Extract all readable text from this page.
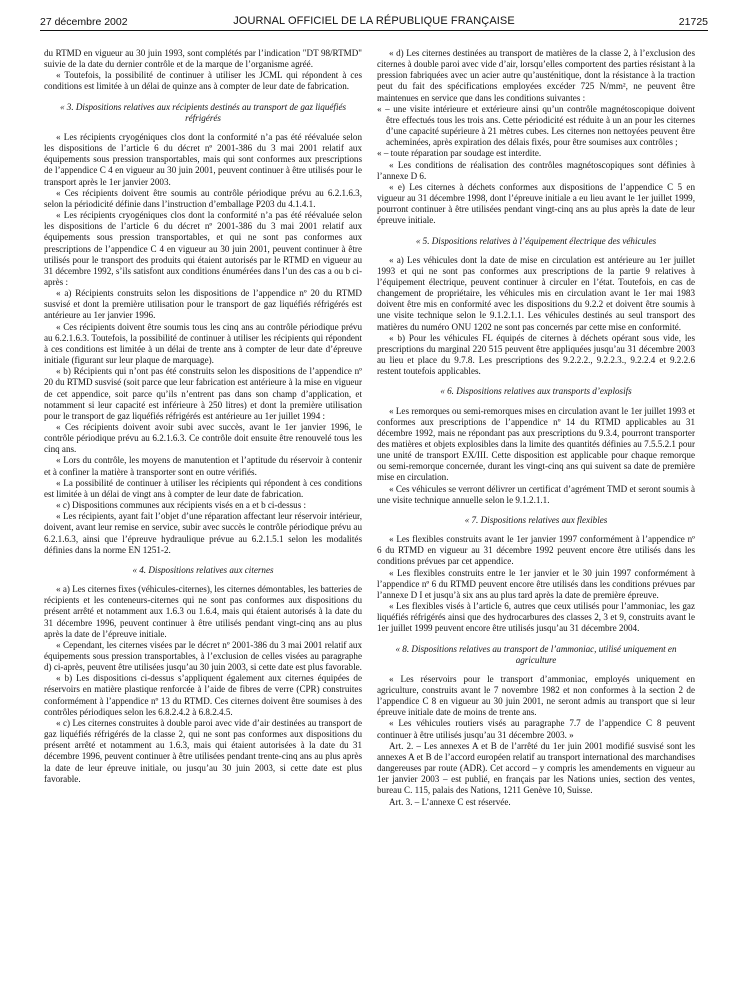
27 décembre 2002	JOURNAL OFFICIEL DE LA RÉPUBLIQUE FRANÇAISE	21725

du RTMD en vigueur au 30 juin 1993, sont complétés par l’indication "DT 98/RTMD" suivie de la date du dernier contrôle et de la marque de l’organisme agréé.

« Toutefois, la possibilité de continuer à utiliser les JCML qui répondent à ces conditions est limitée à un délai de quinze ans à compter de leur date de fabrication.

« 3. Dispositions relatives aux récipients destinés au transport de gaz liquéfiés réfrigérés

« Les récipients cryogéniques clos dont la conformité n’a pas été réévaluée selon les dispositions de l’article 6 du décret nº 2001-386 du 3 mai 2001 relatif aux équipements sous pression transportables, mais qui sont conformes aux prescriptions de l’appendice C 4 en vigueur au 30 juin 2001, peuvent continuer à être utilisés pour le transport après le 1er janvier 2003.

« Ces récipients doivent être soumis au contrôle périodique prévu au 6.2.1.6.3, selon la périodicité définie dans l’instruction d’emballage P203 du 4.1.4.1.

« Les récipients cryogéniques clos dont la conformité n’a pas été réévaluée selon les dispositions de l’article 6 du décret nº 2001-386 du 3 mai 2001 relatif aux équipements sous pression transportables, et qui ne sont pas conformes aux prescriptions de l’appendice C 4 en vigueur au 30 juin 2001, peuvent continuer à être utilisés pour le transport des produits qui étaient autorisés par le RTMD en vigueur au 31 décembre 1992, s’ils satisfont aux conditions énumérées dans l’un des cas a ou b ci-après :

« a) Récipients construits selon les dispositions de l’appendice nº 20 du RTMD susvisé et dont la première utilisation pour le transport de gaz liquéfiés réfrigérés est antérieure au 1er janvier 1996.

« Ces récipients doivent être soumis tous les cinq ans au contrôle périodique prévu au 6.2.1.6.3. Toutefois, la possibilité de continuer à utiliser les récipients qui répondent à ces conditions est limitée à un délai de trente ans à compter de leur date d’épreuve initiale (figurant sur leur plaque de marquage).

« b) Récipients qui n’ont pas été construits selon les dispositions de l’appendice nº 20 du RTMD susvisé (soit parce que leur fabrication est antérieure à la mise en vigueur de cet appendice, soit parce qu’ils n’entrent pas dans son champ d’application, et notamment si leur capacité est inférieure à 250 litres) et dont la première utilisation pour le transport de gaz liquéfiés réfrigérés est antérieure au 1er juillet 1994 :

« Ces récipients doivent avoir subi avec succès, avant le 1er janvier 1996, le contrôle périodique prévu au 6.2.1.6.3. Ce contrôle doit ensuite être renouvelé tous les cinq ans.

« Lors du contrôle, les moyens de manutention et l’aptitude du réservoir à contenir et à confiner la matière à transporter sont en outre vérifiés.

« La possibilité de continuer à utiliser les récipients qui répondent à ces conditions est limitée à un délai de vingt ans à compter de leur date de fabrication.

« c) Dispositions communes aux récipients visés en a et b ci-dessus :

« Les récipients, ayant fait l’objet d’une réparation affectant leur réservoir intérieur, doivent, avant leur remise en service, subir avec succès le contrôle périodique prévu au 6.2.1.6.3, ainsi que l’épreuve hydraulique prévue au 6.2.1.5.1 selon les modalités définies dans la norme EN 1251-2.

« 4. Dispositions relatives aux citernes

« a) Les citernes fixes (véhicules-citernes), les citernes démontables, les batteries de récipients et les conteneurs-citernes qui ne sont pas conformes aux dispositions du présent arrêté et notamment aux 1.6.3 ou 1.6.4, mais qui étaient autorisés à la date du 31 décembre 1996, peuvent continuer à être utilisés pendant vingt-cinq ans au plus après la date de l’épreuve initiale.

« Cependant, les citernes visées par le décret nº 2001-386 du 3 mai 2001 relatif aux équipements sous pression transportables, à l’exclusion de celles visées au paragraphe d) ci-après, peuvent être utilisées jusqu’au 30 juin 2003, si cette date est plus favorable.

« b) Les dispositions ci-dessus s’appliquent également aux citernes équipées de réservoirs en matière plastique renforcée à l’aide de fibres de verre (CPR) construites conformément à l’appendice nº 13 du RTMD. Ces citernes doivent être soumises à des contrôles périodiques selon les 6.8.2.4.2 à 6.8.2.4.5.

« c) Les citernes construites à double paroi avec vide d’air destinées au transport de gaz liquéfiés réfrigérés de la classe 2, qui ne sont pas conformes aux dispositions du présent arrêté et notamment au 1.6.3, mais qui étaient autorisées à la date du 31 décembre 1996, peuvent continuer à être utilisées pendant trente-cinq ans au plus après la date de leur épreuve initiale, ou jusqu’au 30 juin 2003, si cette date est plus favorable.

« d) Les citernes destinées au transport de matières de la classe 2, à l’exclusion des citernes à double paroi avec vide d’air, lorsqu’elles comportent des parties résistant à la pression fabriquées avec un acier autre qu’austénitique, dont la résistance à la traction peut du fait des spécifications employées excéder 725 N/mm², ne peuvent être maintenues en service que dans les conditions suivantes :

« – une visite intérieure et extérieure ainsi qu’un contrôle magnétoscopique doivent être effectués tous les trois ans. Cette périodicité est réduite à un an pour les citernes d’une capacité supérieure à 21 mètres cubes. Les citernes non nettoyées peuvent être acheminées, après expiration des délais fixés, pour être soumises aux contrôles ;

« – toute réparation par soudage est interdite.

« Les conditions de réalisation des contrôles magnétoscopiques sont définies à l’annexe D 6.

« e) Les citernes à déchets conformes aux dispositions de l’appendice C 5 en vigueur au 31 décembre 1998, dont l’épreuve initiale a eu lieu avant le 1er juillet 1999, pourront continuer à être utilisées pendant vingt-cinq ans au plus après la date de leur épreuve initiale.

« 5. Dispositions relatives à l’équipement électrique des véhicules

« a) Les véhicules dont la date de mise en circulation est antérieure au 1er juillet 1993 et qui ne sont pas conformes aux prescriptions de la partie 9 relatives à l’équipement électrique, peuvent continuer à circuler en l’état. Toutefois, en cas de changement de propriétaire, les véhicules mis en circulation avant le 1er mai 1983 doivent être mis en conformité avec les dispositions du 9.2.2 et doivent être soumis à une visite technique selon le 9.1.2.1.1. Les véhicules destinés au seul transport des matières du numéro ONU 1202 ne sont pas concernés par cette mise en conformité.

« b) Pour les véhicules FL équipés de citernes à déchets opérant sous vide, les prescriptions du marginal 220 515 peuvent être appliquées jusqu’au 31 décembre 2003 au lieu et place du 9.7.8. Les prescriptions des 9.2.2.2., 9.2.2.3., 9.2.2.4 et 9.2.2.6 restent toutefois applicables.

« 6. Dispositions relatives aux transports d’explosifs

« Les remorques ou semi-remorques mises en circulation avant le 1er juillet 1993 et conformes aux prescriptions de l’appendice nº 14 du RTMD applicables au 31 décembre 1992, mais ne répondant pas aux prescriptions du 9.3.4, pourront transporter des matières et objets explosibles dans la limite des quantités définies au 7.5.5.2.1 pour une unité de transport EX/III. Cette disposition est applicable pour chaque remorque ou semi-remorque concernée, durant les vingt-cinq ans qui suivent sa date de première mise en circulation.

« Ces véhicules se verront délivrer un certificat d’agrément TMD et seront soumis à une visite technique annuelle selon le 9.1.2.1.1.

« 7. Dispositions relatives aux flexibles

« Les flexibles construits avant le 1er janvier 1997 conformément à l’appendice nº 6 du RTMD en vigueur au 31 décembre 1992 peuvent encore être utilisés dans les conditions prévues par cet appendice.

« Les flexibles construits entre le 1er janvier et le 30 juin 1997 conformément à l’appendice nº 6 du RTMD peuvent encore être utilisés dans les conditions prévues par l’annexe D I et jusqu’à six ans au plus tard après la date de première épreuve.

« Les flexibles visés à l’article 6, autres que ceux utilisés pour l’ammoniac, les gaz liquéfiés réfrigérés ainsi que des hydrocarbures des classes 2, 3 et 9, construits avant le 1er juillet 1999 peuvent encore être utilisés jusqu’au 31 décembre 2004.

« 8. Dispositions relatives au transport de l’ammoniac, utilisé uniquement en agriculture

« Les réservoirs pour le transport d’ammoniac, employés uniquement en agriculture, construits avant le 7 novembre 1982 et non conformes à la section 2 de l’appendice C 8 en vigueur au 30 juin 2001, ne seront admis au transport que si leur épreuve initiale date de moins de trente ans.

« Les véhicules routiers visés au paragraphe 7.7 de l’appendice C 8 peuvent continuer à être utilisés jusqu’au 31 décembre 2003. »

Art. 2. – Les annexes A et B de l’arrêté du 1er juin 2001 modifié susvisé sont les annexes A et B de l’accord européen relatif au transport international des marchandises dangereuses par route (ADR). Cet accord – y compris les amendements en vigueur au 1er janvier 2003 – est publié, en français par les Nations unies, section des ventes, bureau C. 115, palais des Nations, 1211 Genève 10, Suisse.

Art. 3. – L’annexe C est réservée.
